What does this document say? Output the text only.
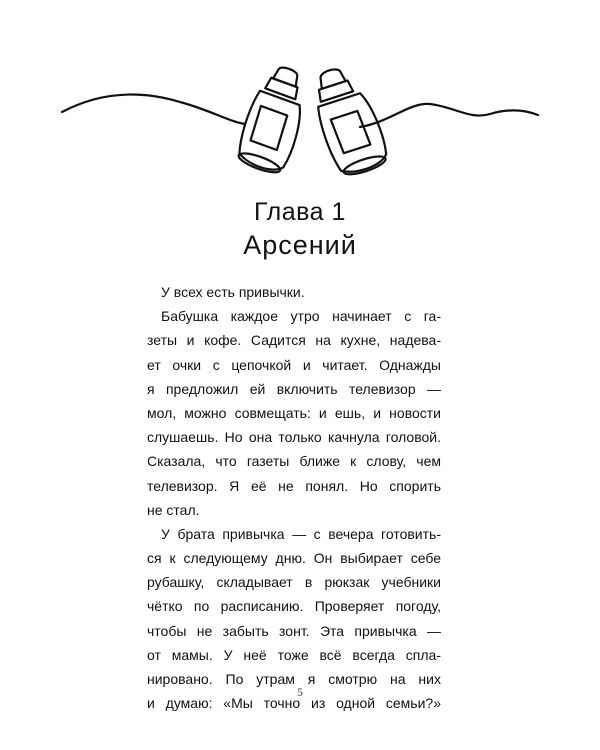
Глава 1
Арсений
У всех есть привычки.
Бабушка каждое утро начинает с га-
зеты и кофе. Садится на кухне, надева-
ет очки с цепочкой и читает. Однажды
я предложил ей включить телевизор —
мол, можно совмещать: и ешь, и новости
слушаешь. Но она только качнула головой.
Сказала, что газеты ближе к слову, чем
телевизор. Я её не понял. Но спорить
не стал.
У брата привычка — с вечера готовить-
ся к следующему дню. Он выбирает себе
рубашку, складывает в рюкзак учебники
чётко по расписанию. Проверяет погоду,
чтобы не забыть зонт. Эта привычка —
от мамы. У неё тоже всё всегда спла-
нировано. По утрам я смотрю на них
и думаю: «Мы точно из одной семьи?»
5
